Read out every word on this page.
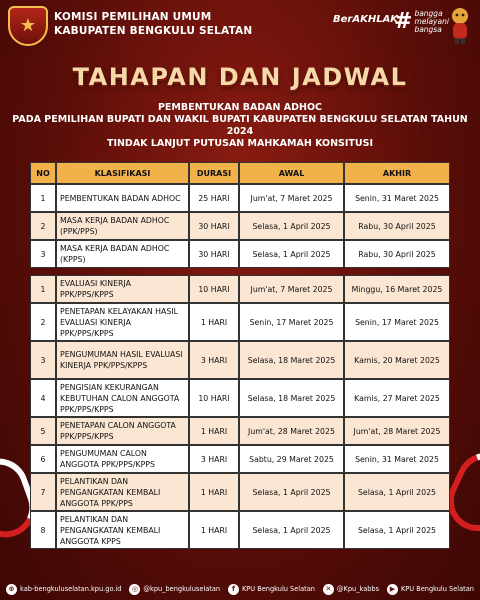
★ KOMISI PEMILIHAN UMUM
KABUPATEN BENGKULU SELATAN
BerAKHLAK
# bangga
melayani
bangsa
TAHAPAN DAN JADWAL
PEMBENTUKAN BADAN ADHOC
PADA PEMILIHAN BUPATI DAN WAKIL BUPATI KABUPATEN BENGKULU SELATAN TAHUN 2024
TINDAK LANJUT PUTUSAN MAHKAMAH KONSITUSI
NO	KLASIFIKASI	DURASI	AWAL	AKHIR
1	PEMBENTUKAN BADAN ADHOC	25 HARI	Jum'at, 7 Maret 2025	Senin, 31 Maret 2025
2	MASA KERJA BADAN ADHOC (PPK/PPS)	30 HARI	Selasa, 1 April 2025	Rabu, 30 April 2025
3	MASA KERJA BADAN ADHOC (KPPS)	30 HARI	Selasa, 1 April 2025	Rabu, 30 April 2025

1	EVALUASI KINERJA PPK/PPS/KPPS	10 HARI	Jum'at, 7 Maret 2025	Minggu, 16 Maret 2025
2	PENETAPAN KELAYAKAN HASIL EVALUASI KINERJA PPK/PPS/KPPS	1 HARI	Senin, 17 Maret 2025	Senin, 17 Maret 2025
3	PENGUMUMAN HASIL EVALUASI KINERJA PPK/PPS/KPPS	3 HARI	Selasa, 18 Maret 2025	Kamis, 20 Maret 2025
4	PENGISIAN KEKURANGAN KEBUTUHAN CALON ANGGOTA PPK/PPS/KPPS	10 HARI	Selasa, 18 Maret 2025	Kamis, 27 Maret 2025
5	PENETAPAN CALON ANGGOTA PPK/PPS/KPPS	1 HARI	Jum'at, 28 Maret 2025	Jum'at, 28 Maret 2025
6	PENGUMUMAN CALON ANGGOTA PPK/PPS/KPPS	3 HARI	Sabtu, 29 Maret 2025	Senin, 31 Maret 2025
7	PELANTIKAN DAN PENGANGKATAN KEMBALI ANGGOTA PPK/PPS	1 HARI	Selasa, 1 April 2025	Selasa, 1 April 2025
8	PELANTIKAN DAN PENGANGKATAN KEMBALI ANGGOTA KPPS	1 HARI	Selasa, 1 April 2025	Selasa, 1 April 2025
⊕ kab-bengkuluselatan.kpu.go.id	◎ @kpu_bengkuluselatan	f	KPU Bengkulu Selatan	✕ @Kpu_kabbs	▶ KPU Bengkulu Selatan
